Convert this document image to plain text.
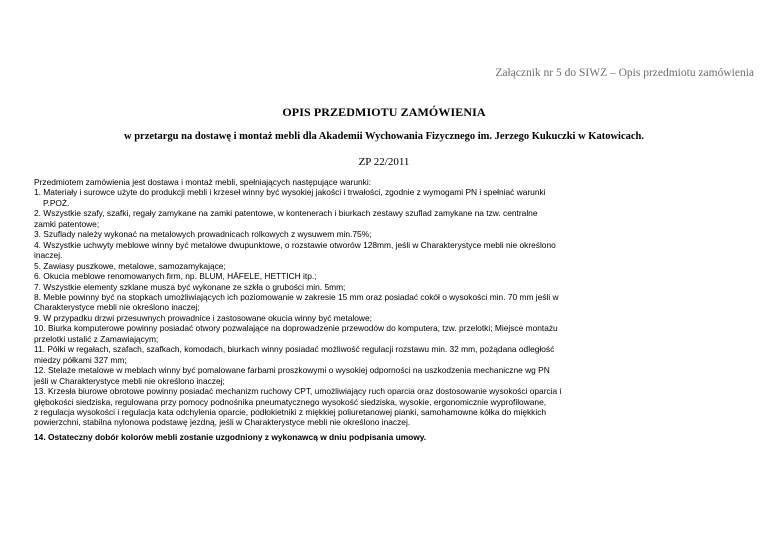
Załącznik nr 5 do SIWZ – Opis przedmiotu zamówienia
OPIS PRZEDMIOTU ZAMÓWIENIA
w przetargu na dostawę i montaż mebli dla Akademii Wychowania Fizycznego im. Jerzego Kukuczki w Katowicach.
ZP 22/2011

Przedmiotem zamówienia jest dostawa i montaż mebli, spełniających następujące warunki:

1. Materiały i surowce użyte do produkcji mebli i krzeseł winny być wysokiej jakości i trwałości, zgodnie z wymogami PN i spełniać warunki

P.POŻ.

2. Wszystkie szafy, szafki, regały zamykane na zamki patentowe, w kontenerach i biurkach zestawy szuflad zamykane na tzw. centralne

zamki patentowe;

3. Szuflady należy wykonać na metalowych prowadnicach rolkowych z wysuwem min.75%;

4. Wszystkie uchwyty meblowe winny być metalowe dwupunktowe, o rozstawie otworów 128mm, jeśli w Charakterystyce mebli nie określono

inaczej.

5. Zawiasy puszkowe, metalowe, samozamykające;

6. Okucia meblowe renomowanych firm, np. BLUM, HÄFELE, HETTICH itp.;

7. Wszystkie elementy szklane musza być wykonane ze szkła o grubości min. 5mm;

8. Meble powinny być na stopkach umożliwiających ich poziomowanie w zakresie 15 mm oraz posiadać cokół o wysokości min. 70 mm jeśli w

Charakterystyce mebli nie określono inaczej;

9. W przypadku drzwi przesuwnych prowadnice i zastosowane okucia winny być metalowe;

10. Biurka komputerowe powinny posiadać otwory pozwalające na doprowadzenie przewodów do komputera, tzw. przelotki; Miejsce montażu

przelotki ustalić z Zamawiającym;

11. Półki w regałach, szafach, szafkach, komodach, biurkach winny posiadać możliwość regulacji rozstawu min. 32 mm, pożądana odległość

miedzy półkami 327 mm;

12. Stelaże metalowe w meblach winny być pomalowane farbami proszkowymi o wysokiej odporności na uszkodzenia mechaniczne wg PN

jeśli w Charakterystyce mebli nie określono inaczej;

13. Krzesła biurowe obrotowe powinny posiadać mechanizm ruchowy CPT, umożliwiający ruch oparcia oraz dostosowanie wysokości oparcia i

głębokości siedziska, regulowana przy pomocy podnośnika pneumatycznego wysokość siedziska, wysokie, ergonomicznie wyprofilowane,

z regulacja wysokości i regulacja kata odchylenia oparcie, podłokietniki z miękkiej poliuretanowej pianki, samohamowne kółka do miękkich

powierzchni, stabilna nylonowa podstawę jezdną, jeśli w Charakterystyce mebli nie określono inaczej.

14. Ostateczny dobór kolorów mebli zostanie uzgodniony z wykonawcą w dniu podpisania umowy.
